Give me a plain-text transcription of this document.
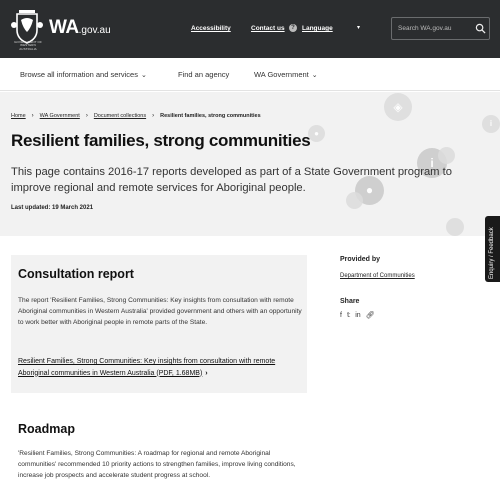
GOVERNMENT OF WESTERN AUSTRALIA
WA.gov.au	Accessibility	Contact us	?	Language	▾	Search WA.gov.au
Browse all information and services ⌄	Find an agency	WA Government ⌄
◈
i
●
i
●
Home › WA Government › Document collections › Resilient families, strong communities
Resilient families, strong communities

This page contains 2016-17 reports developed as part of a State Government program to improve regional and remote services for Aboriginal people.

Last updated: 19 March 2021
Enquiry / Feedback
Consultation report

The report 'Resilient Families, Strong Communities: Key insights from consultation with remote Aboriginal communities in Western Australia' provided government and others with an opportunity to work better with Aboriginal people in remote parts of the State.

Resilient Families, Strong Communities: Key insights from consultation with remote Aboriginal communities in Western Australia (PDF, 1.68MB) ›
Roadmap

'Resilient Families, Strong Communities: A roadmap for regional and remote Aboriginal communities' recommended 10 priority actions to strengthen families, improve living conditions, increase job prospects and accelerate student progress at school.

Provided by
Department of Communities
Share
f 𝕥 in 🔗︎
